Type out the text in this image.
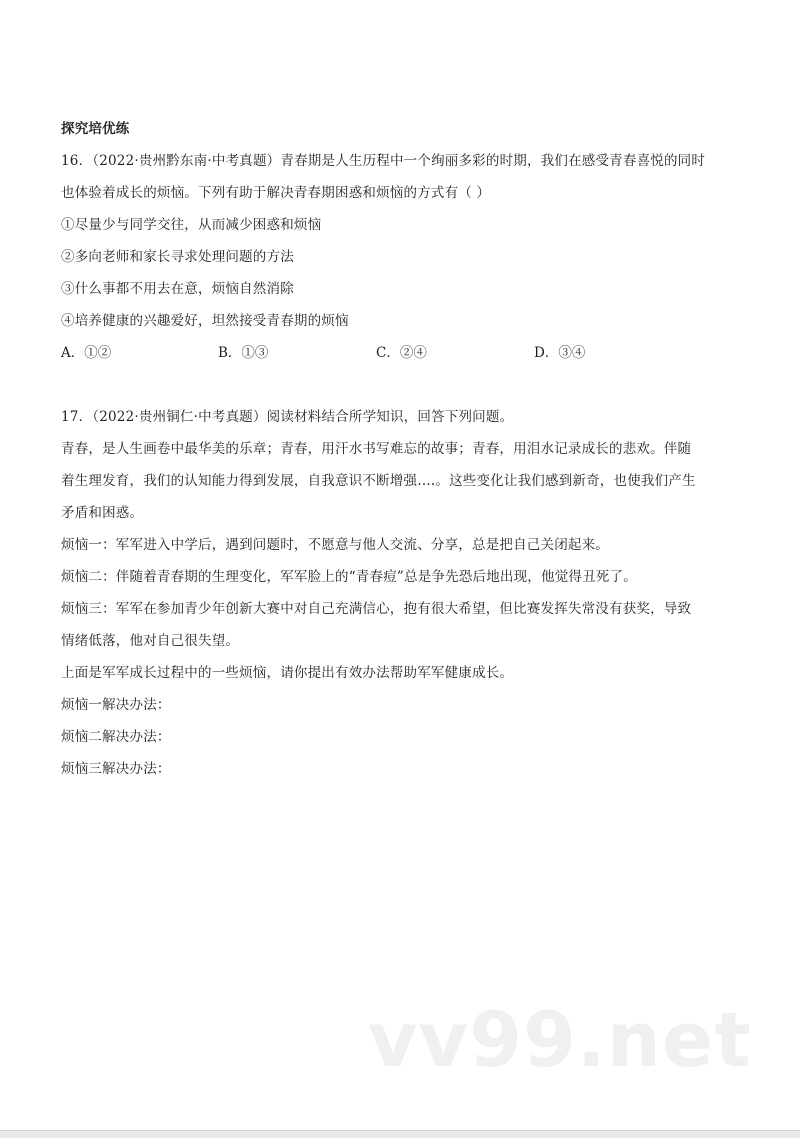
探究培优练
16．（2022·贵州黔东南·中考真题）青春期是人生历程中一个绚丽多彩的时期，我们在感受青春喜悦的同时
也体验着成长的烦恼。下列有助于解决青春期困惑和烦恼的方式有（ ）
①尽量少与同学交往，从而减少困惑和烦恼
②多向老师和家长寻求处理问题的方法
③什么事都不用去在意，烦恼自然消除
④培养健康的兴趣爱好，坦然接受青春期的烦恼
A．①②	B．①③	C．②④	D．③④
17．（2022·贵州铜仁·中考真题）阅读材料结合所学知识，回答下列问题。
青春，是人生画卷中最华美的乐章；青春，用汗水书写难忘的故事；青春，用泪水记录成长的悲欢。伴随
着生理发育，我们的认知能力得到发展，自我意识不断增强….。这些变化让我们感到新奇，也使我们产生
矛盾和困惑。
烦恼一：军军进入中学后，遇到问题时，不愿意与他人交流、分享，总是把自己关闭起来。
烦恼二：伴随着青春期的生理变化，军军脸上的“青春痘”总是争先恐后地出现，他觉得丑死了。
烦恼三：军军在参加青少年创新大赛中对自己充满信心，抱有很大希望，但比赛发挥失常没有获奖，导致
情绪低落，他对自己很失望。
上面是军军成长过程中的一些烦恼，请你提出有效办法帮助军军健康成长。
烦恼一解决办法：
烦恼二解决办法：
烦恼三解决办法：
vv99.net
